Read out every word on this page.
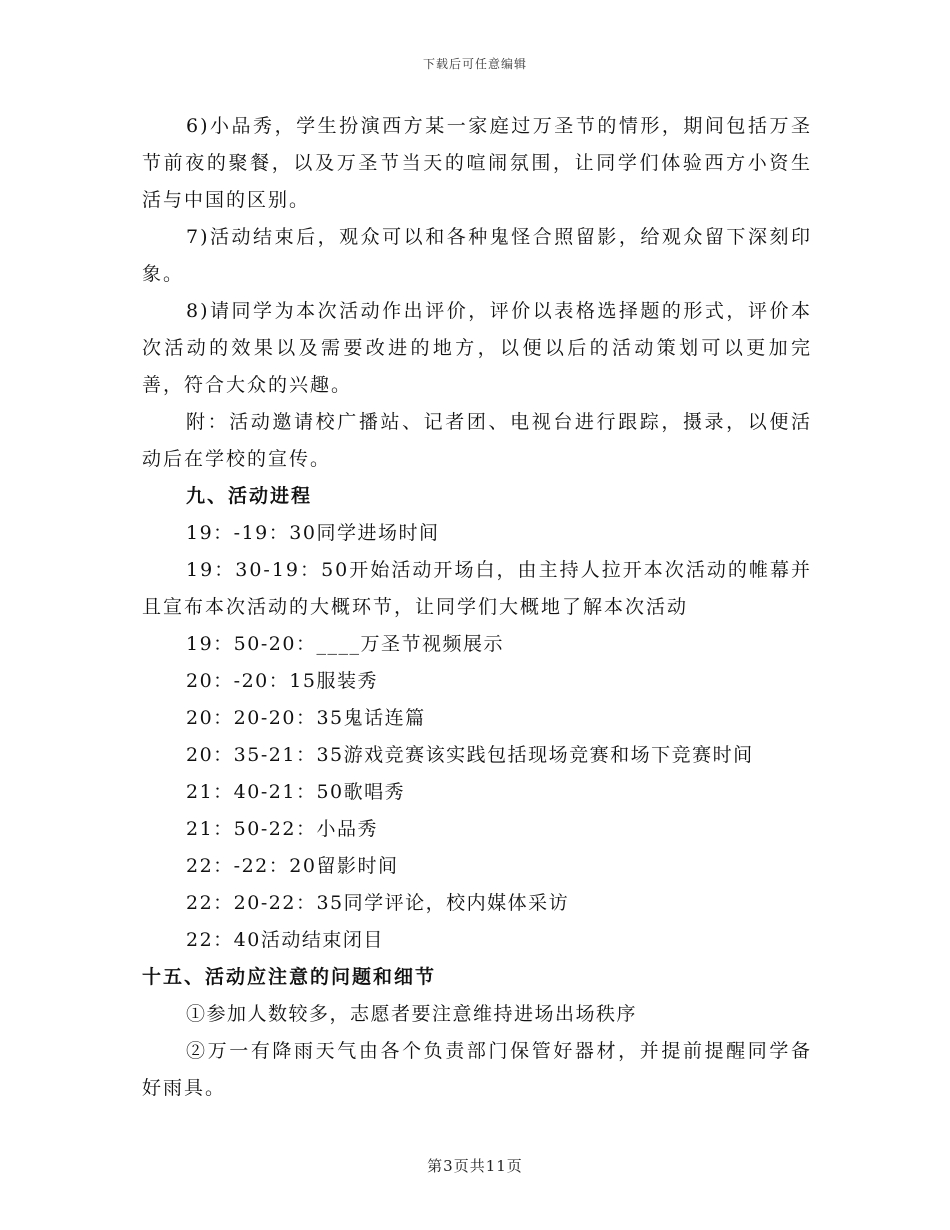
下载后可任意编辑

6)小品秀，学生扮演西方某一家庭过万圣节的情形，期间包括万圣节前夜的聚餐，以及万圣节当天的喧闹氛围，让同学们体验西方小资生活与中国的区别。

7)活动结束后，观众可以和各种鬼怪合照留影，给观众留下深刻印象。

8)请同学为本次活动作出评价，评价以表格选择题的形式，评价本次活动的效果以及需要改进的地方，以便以后的活动策划可以更加完善，符合大众的兴趣。

附：活动邀请校广播站、记者团、电视台进行跟踪，摄录，以便活动后在学校的宣传。

九、活动进程

19：-19：30同学进场时间

19：30-19：50开始活动开场白，由主持人拉开本次活动的帷幕并且宣布本次活动的大概环节，让同学们大概地了解本次活动

19：50-20：____万圣节视频展示

20：-20：15服装秀

20：20-20：35鬼话连篇

20：35-21：35游戏竞赛该实践包括现场竞赛和场下竞赛时间

21：40-21：50歌唱秀

21：50-22：小品秀

22：-22：20留影时间

22：20-22：35同学评论，校内媒体采访

22：40活动结束闭目

十五、活动应注意的问题和细节

①参加人数较多，志愿者要注意维持进场出场秩序

②万一有降雨天气由各个负责部门保管好器材，并提前提醒同学备好雨具。

第3页共11页
